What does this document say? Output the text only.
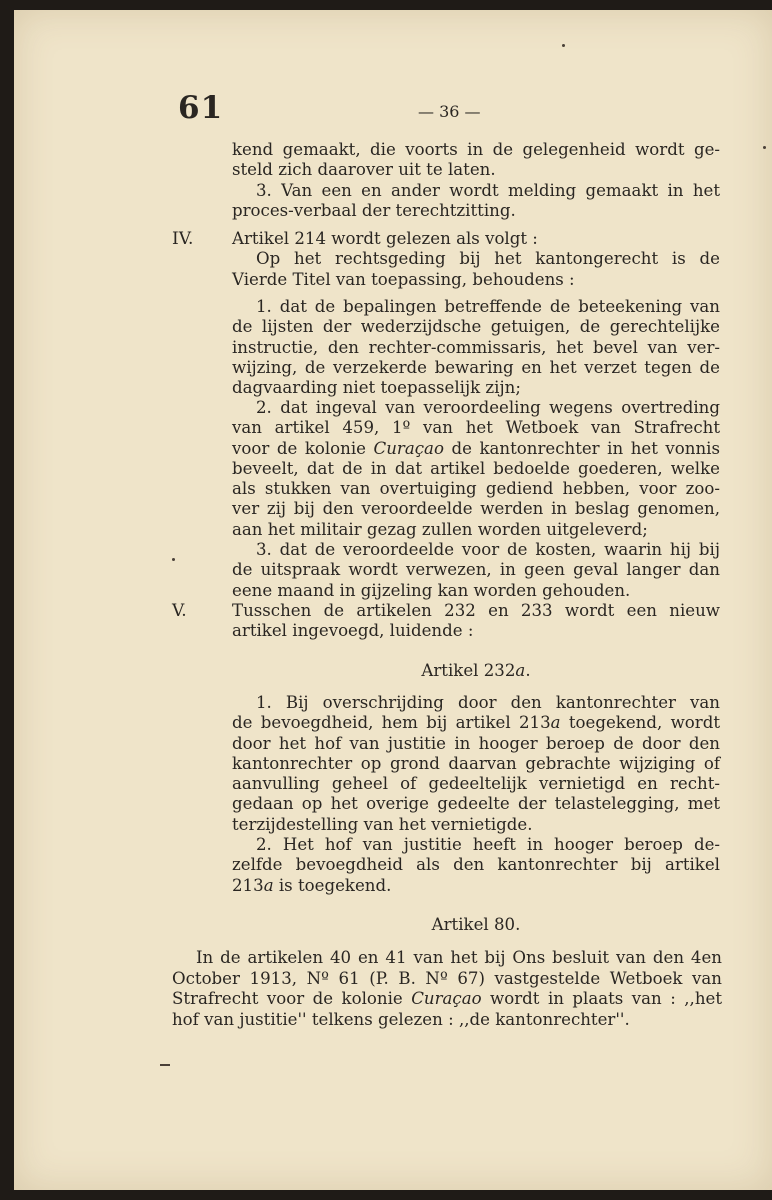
61	— 36 —
kend gemaakt, die voorts in de gelegenheid wordt ge-
steld zich daarover uit te laten.
3. Van een en ander wordt melding gemaakt in het
proces-verbaal der terechtzitting.
IV. Artikel 214 wordt gelezen als volgt :
Op het rechtsgeding bij het kantongerecht is de
Vierde Titel van toepassing, behoudens :
1. dat de bepalingen betreffende de beteekening van
de lijsten der wederzijdsche getuigen, de gerechtelijke
instructie, den rechter-commissaris, het bevel van ver-
wijzing, de verzekerde bewaring en het verzet tegen de
dagvaarding niet toepasselijk zijn;
2. dat ingeval van veroordeeling wegens overtreding
van artikel 459, 1º van het Wetboek van Strafrecht
voor de kolonie Curaçao de kantonrechter in het vonnis
beveelt, dat de in dat artikel bedoelde goederen, welke
als stukken van overtuiging gediend hebben, voor zoo-
ver zij bij den veroordeelde werden in beslag genomen,
aan het militair gezag zullen worden uitgeleverd;
3. dat de veroordeelde voor de kosten, waarin hij bij
de uitspraak wordt verwezen, in geen geval langer dan
eene maand in gijzeling kan worden gehouden.
V.	Tusschen de artikelen 232 en 233 wordt een nieuw
artikel ingevoegd, luidende :
Artikel 232a.
1. Bij overschrijding door den kantonrechter van
de bevoegdheid, hem bij artikel 213a toegekend, wordt
door het hof van justitie in hooger beroep de door den
kantonrechter op grond daarvan gebrachte wijziging of
aanvulling geheel of gedeeltelijk vernietigd en recht-
gedaan op het overige gedeelte der telastelegging, met
terzijdestelling van het vernietigde.
2. Het hof van justitie heeft in hooger beroep de-
zelfde bevoegdheid als den kantonrechter bij artikel
213a is toegekend.
Artikel 80.
In de artikelen 40 en 41 van het bij Ons besluit van den 4en
October 1913, Nº 61 (P. B. Nº 67) vastgestelde Wetboek van
Strafrecht voor de kolonie Curaçao wordt in plaats van : ,,het
hof van justitie'' telkens gelezen : ,,de kantonrechter''.
